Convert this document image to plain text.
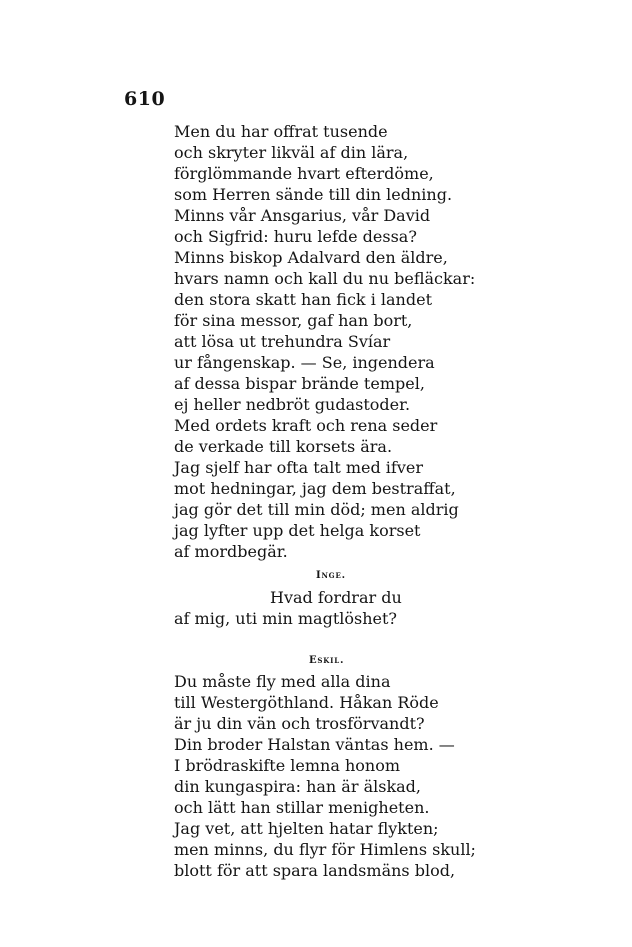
610
Men du har offrat tusende
och skryter likväl af din lära,
förglömmande hvart efterdöme,
som Herren sände till din ledning.
Minns vår Ansgarius, vår David
och Sigfrid: huru lefde dessa?
Minns biskop Adalvard den äldre,
hvars namn och kall du nu befläckar:
den stora skatt han fick i landet
för sina messor, gaf han bort,
att lösa ut trehundra Svíar
ur fångenskap. — Se, ingendera
af dessa bispar brände tempel,
ej heller nedbröt gudastoder.
Med ordets kraft och rena seder
de verkade till korsets ära.
Jag sjelf har ofta talt med ifver
mot hedningar, jag dem bestraffat,
jag gör det till min död; men aldrig
jag lyfter upp det helga korset
af mordbegär.
Inge.
Hvad fordrar du
af mig, uti min magtlöshet?
Eskil.
Du måste fly med alla dina
till Westergöthland. Håkan Röde
är ju din vän och trosförvandt?
Din broder Halstan väntas hem. —
I brödraskifte lemna honom
din kungaspira: han är älskad,
och lätt han stillar menigheten.
Jag vet, att hjelten hatar flykten;
men minns, du flyr för Himlens skull;
blott för att spara landsmäns blod,
